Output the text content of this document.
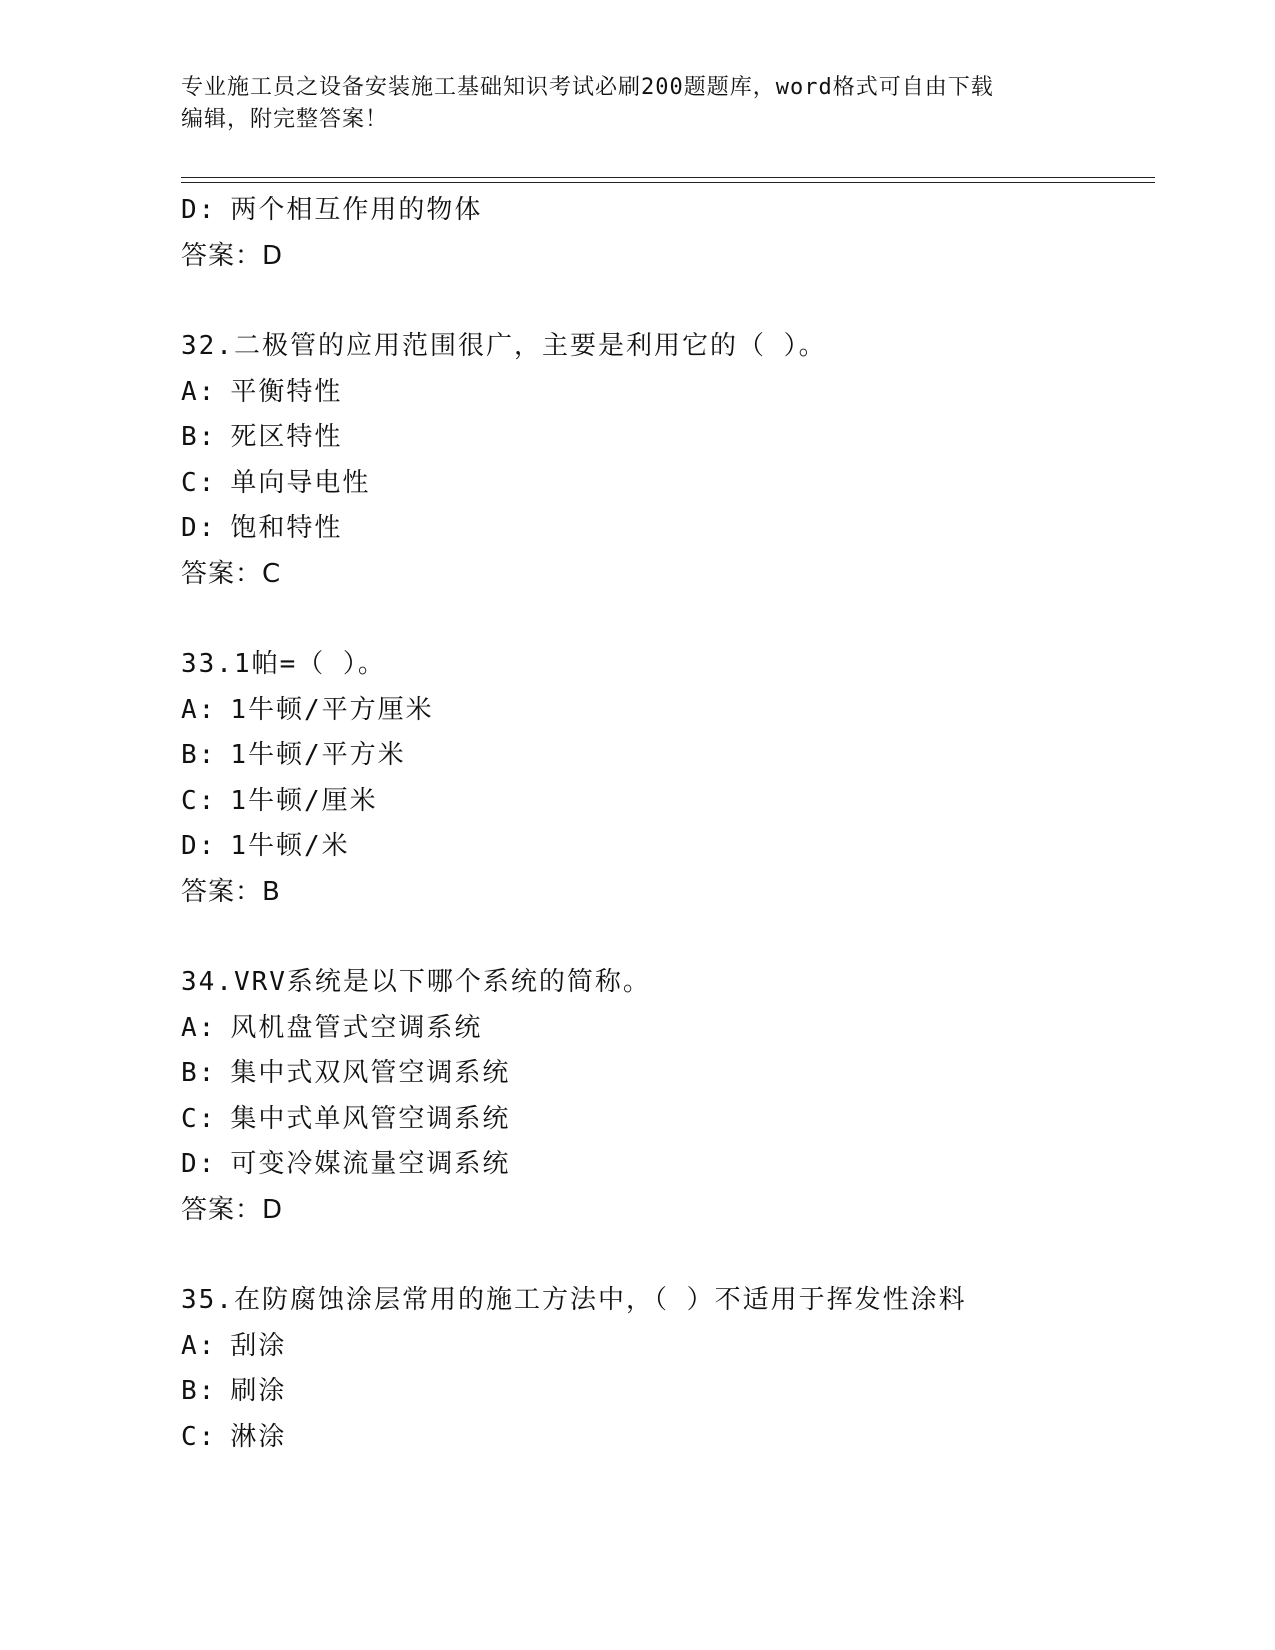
专业施工员之设备安装施工基础知识考试必刷200题题库，word格式可自由下载
编辑，附完整答案！
D: 两个相互作用的物体
答案：D
32.二极管的应用范围很广，主要是利用它的（ ）。
A: 平衡特性
B: 死区特性
C: 单向导电性
D: 饱和特性
答案：C
33.1帕=（ ）。
A: 1牛顿/平方厘米
B: 1牛顿/平方米
C: 1牛顿/厘米
D: 1牛顿/米
答案：B
34.VRV系统是以下哪个系统的简称。
A: 风机盘管式空调系统
B: 集中式双风管空调系统
C: 集中式单风管空调系统
D: 可变冷媒流量空调系统
答案：D
35.在防腐蚀涂层常用的施工方法中，（ ）不适用于挥发性涂料
A: 刮涂
B: 刷涂
C: 淋涂
